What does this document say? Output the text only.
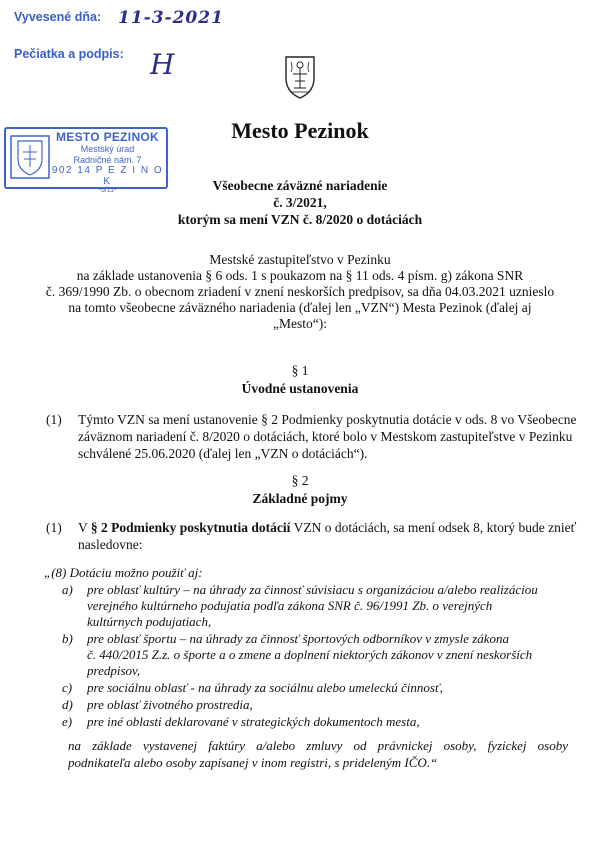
Vyvesené dňa: 11-3-2021
Pečiatka a podpis: H
MESTO PEZINOK
Mestský úrad
Radničné nám. 7
902 14 P E Z I N O K
-5/11-
Mesto Pezinok
Všeobecne záväzné nariadenie
č. 3/2021,
ktorým sa mení VZN č. 8/2020 o dotáciách
Mestské zastupiteľstvo v Pezinku
na základe ustanovenia § 6 ods. 1 s poukazom na § 11 ods. 4 písm. g) zákona SNR
č. 369/1990 Zb. o obecnom zriadení v znení neskorších predpisov, sa dňa 04.03.2021 uznieslo
na tomto všeobecne záväzného nariadenia (ďalej len „VZN“) Mesta Pezinok (ďalej aj
„Mesto“):
§ 1
Úvodné ustanovenia
(1) Týmto VZN sa mení ustanovenie § 2 Podmienky poskytnutia dotácie v ods. 8 vo Všeobecne
záväznom nariadení č. 8/2020 o dotáciách, ktoré bolo v Mestskom zastupiteľstve v Pezinku
schválené 25.06.2020 (ďalej len „VZN o dotáciách“).
§ 2
Základné pojmy
(1) V § 2 Podmienky poskytnutia dotácií VZN o dotáciách, sa mení odsek 8, ktorý bude znieť
nasledovne:
„(8) Dotáciu možno použiť aj:
a) pre oblasť kultúry – na úhrady za činnosť súvisiacu s organizáciou a/alebo realizáciou
verejného kultúrneho podujatia podľa zákona SNR č. 96/1991 Zb. o verejných
kultúrnych podujatiach,
b) pre oblasť športu – na úhrady za činnosť športových odborníkov v zmysle zákona
č. 440/2015 Z.z. o športe a o zmene a doplnení niektorých zákonov v znení neskorších
predpisov,
c) pre sociálnu oblasť - na úhrady za sociálnu alebo umeleckú činnosť,
d) pre oblasť životného prostredia,
e) pre iné oblasti deklarované v strategických dokumentoch mesta,
na základe vystavenej faktúry a/alebo zmluvy od právnickej osoby, fyzickej osoby
podnikateľa alebo osoby zapísanej v inom registri, s prideleným IČO.“
